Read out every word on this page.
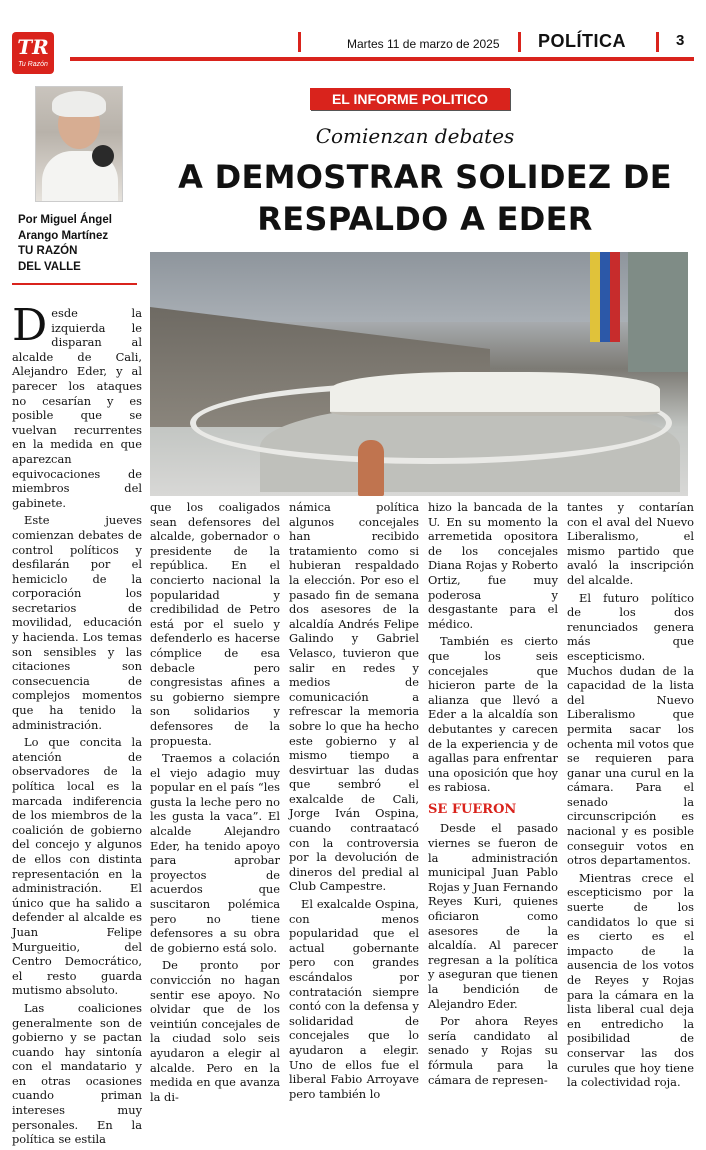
TR
Tu Razón
Martes 11 de marzo de 2025 POLÍTICA	3
Por Miguel Ángel
Arango Martínez
TU RAZÓN
DEL VALLE
EL INFORME POLITICO
Comienzan debates
A DEMOSTRAR SOLIDEZ DE
RESPALDO A EDER

Desde la izquierda le disparan al alcalde de Cali, Alejandro Eder, y al parecer los ataques no cesarían y es posible que se vuelvan recurrentes en la medida en que aparezcan equivocaciones de miembros del gabinete.

Este jueves comienzan debates de control políticos y desfilarán por el hemiciclo de la corporación los secretarios de movilidad, educación y hacienda. Los temas son sensibles y las citaciones son consecuencia de complejos momentos que ha tenido la administración.

Lo que concita la atención de observadores de la política local es la marcada indiferencia de los miembros de la coalición de gobierno del concejo y algunos de ellos con distinta representación en la administración. El único que ha salido a defender al alcalde es Juan Felipe Murgueitio, del Centro Democrático, el resto guarda mutismo absoluto.

Las coaliciones generalmente son de gobierno y se pactan cuando hay sintonía con el mandatario y en otras ocasiones cuando priman intereses muy personales. En la política se estila

que los coaligados sean defensores del alcalde, gobernador o presidente de la república. En el concierto nacional la popularidad y credibilidad de Petro está por el suelo y defenderlo es hacerse cómplice de esa debacle pero congresistas afines a su gobierno siempre son solidarios y defensores de la propuesta.

Traemos a colación el viejo adagio muy popular en el país “les gusta la leche pero no les gusta la vaca”. El alcalde Alejandro Eder, ha tenido apoyo para aprobar proyectos de acuerdos que suscitaron polémica pero no tiene defensores a su obra de gobierno está solo.

De pronto por convicción no hagan sentir ese apoyo. No olvidar que de los veintiún concejales de la ciudad solo seis ayudaron a elegir al alcalde. Pero en la medida en que avanza la di-

námica política algunos concejales han recibido tratamiento como si hubieran respaldado la elección. Por eso el pasado fin de semana dos asesores de la alcaldía Andrés Felipe Galindo y Gabriel Velasco, tuvieron que salir en redes y medios de comunicación a refrescar la memoria sobre lo que ha hecho este gobierno y al mismo tiempo a desvirtuar las dudas que sembró el exalcalde de Cali, Jorge Iván Ospina, cuando contraatacó con la controversia por la devolución de dineros del predial al Club Campestre.

El exalcalde Ospina, con menos popularidad que el actual gobernante pero con grandes escándalos por contratación siempre contó con la defensa y solidaridad de concejales que lo ayudaron a elegir. Uno de ellos fue el liberal Fabio Arroyave pero también lo

hizo la bancada de la U. En su momento la arremetida opositora de los concejales Diana Rojas y Roberto Ortiz, fue muy poderosa y desgastante para el médico.

También es cierto que los seis concejales que hicieron parte de la alianza que llevó a Eder a la alcaldía son debutantes y carecen de la experiencia y de agallas para enfrentar una oposición que hoy es rabiosa.

SE FUERON

Desde el pasado viernes se fueron de la administración municipal Juan Pablo Rojas y Juan Fernando Reyes Kuri, quienes oficiaron como asesores de la alcaldía. Al parecer regresan a la política y aseguran que tienen la bendición de Alejandro Eder.

Por ahora Reyes sería candidato al senado y Rojas su fórmula para la cámara de represen-

tantes y contarían con el aval del Nuevo Liberalismo, el mismo partido que avaló la inscripción del alcalde.

El futuro político de los dos renunciados genera más que escepticismo. Muchos dudan de la capacidad de la lista del Nuevo Liberalismo que permita sacar los ochenta mil votos que se requieren para ganar una curul en la cámara. Para el senado la circunscripción es nacional y es posible conseguir votos en otros departamentos.

Mientras crece el escepticismo por la suerte de los candidatos lo que si es cierto es el impacto de la ausencia de los votos de Reyes y Rojas para la cámara en la lista liberal cual deja en entredicho la posibilidad de conservar las dos curules que hoy tiene la colectividad roja.
